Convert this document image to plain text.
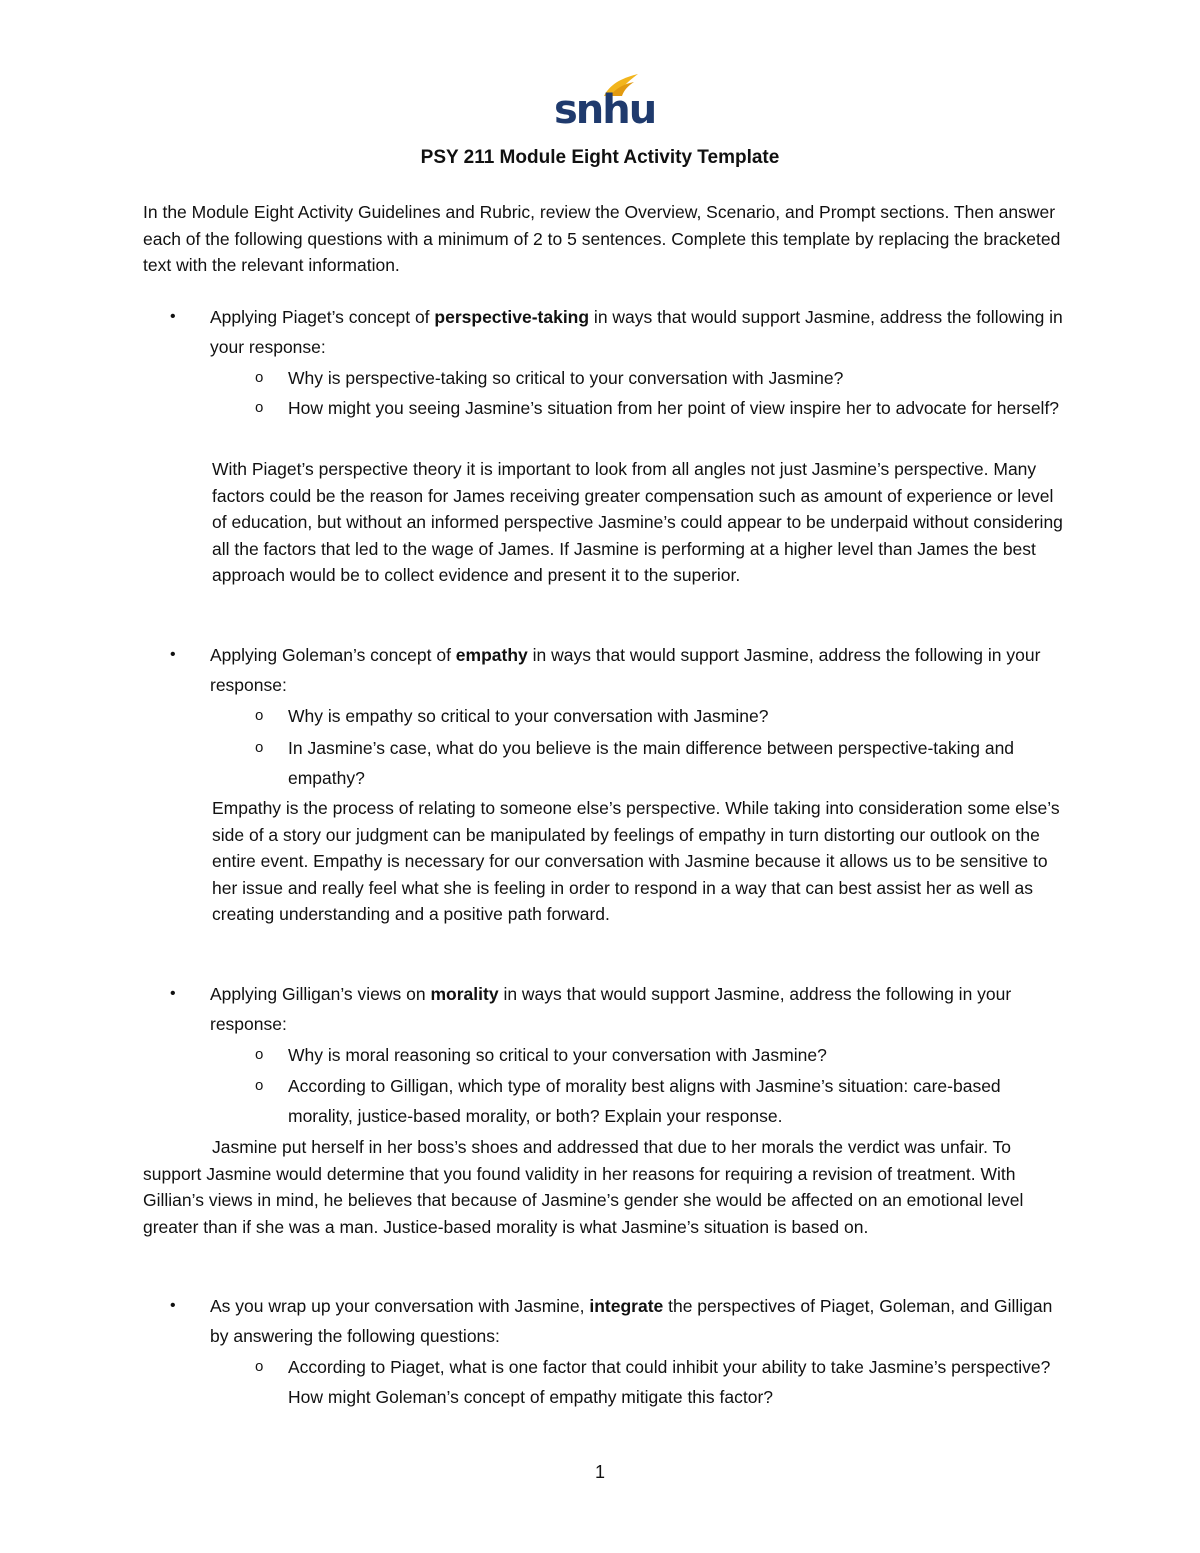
snhu
PSY 211 Module Eight Activity Template

In the Module Eight Activity Guidelines and Rubric, review the Overview, Scenario, and Prompt sections. Then answer each of the following questions with a minimum of 2 to 5 sentences. Complete this template by replacing the bracketed text with the relevant information.

• Applying Piaget’s concept of perspective-taking in ways that would support Jasmine, address the following in your response:

o Why is perspective-taking so critical to your conversation with Jasmine?

o How might you seeing Jasmine’s situation from her point of view inspire her to advocate for herself?

With Piaget’s perspective theory it is important to look from all angles not just Jasmine’s perspective. Many factors could be the reason for James receiving greater compensation such as amount of experience or level of education, but without an informed perspective Jasmine’s could appear to be underpaid without considering all the factors that led to the wage of James. If Jasmine is performing at a higher level than James the best approach would be to collect evidence and present it to the superior.

• Applying Goleman’s concept of empathy in ways that would support Jasmine, address the following in your response:

o Why is empathy so critical to your conversation with Jasmine?

o In Jasmine’s case, what do you believe is the main difference between perspective-taking and empathy?

Empathy is the process of relating to someone else’s perspective. While taking into consideration some else’s side of a story our judgment can be manipulated by feelings of empathy in turn distorting our outlook on the entire event. Empathy is necessary for our conversation with Jasmine because it allows us to be sensitive to her issue and really feel what she is feeling in order to respond in a way that can best assist her as well as creating understanding and a positive path forward.

• Applying Gilligan’s views on morality in ways that would support Jasmine, address the following in your response:

o Why is moral reasoning so critical to your conversation with Jasmine?

o According to Gilligan, which type of morality best aligns with Jasmine’s situation: care-based morality, justice-based morality, or both? Explain your response.

Jasmine put herself in her boss’s shoes and addressed that due to her morals the verdict was unfair. To support Jasmine would determine that you found validity in her reasons for requiring a revision of treatment. With Gillian’s views in mind, he believes that because of Jasmine’s gender she would be affected on an emotional level greater than if she was a man. Justice-based morality is what Jasmine’s situation is based on.

• As you wrap up your conversation with Jasmine, integrate the perspectives of Piaget, Goleman, and Gilligan by answering the following questions:

o According to Piaget, what is one factor that could inhibit your ability to take Jasmine’s perspective? How might Goleman’s concept of empathy mitigate this factor?

1
